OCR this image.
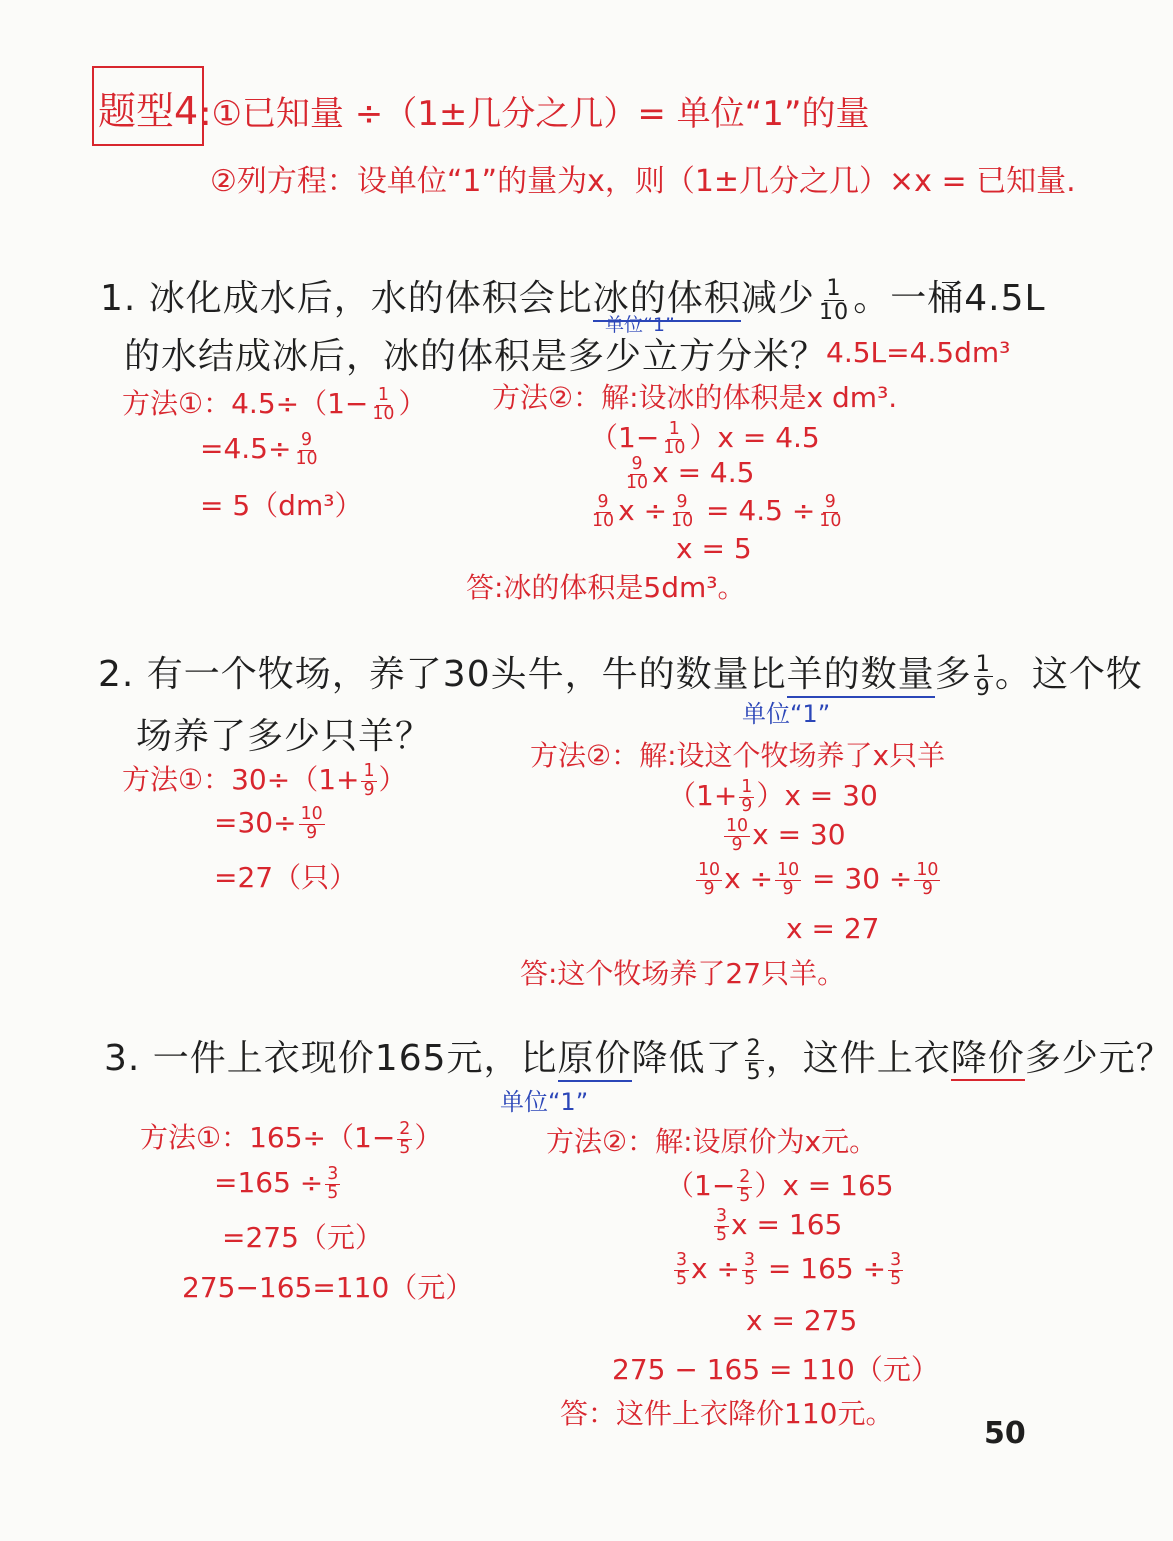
题型4 :①已知量 ÷（1±几分之几）= 单位“1”的量
②列方程：设单位“1”的量为x，则（1±几分之几）×x = 已知量.
1. 冰化成水后，水的体积会比冰的体积减少 $\frac{1}{10}$ 。一桶4.5L
单位“1”
的水结成冰后，冰的体积是多少立方分米？
4.5L=4.5dm³
方法①：$4.5\div(1- \frac{1}{10}$ ）
$=4.5\div \frac{9}{10}$
= 5（dm³）
方法②：解:设冰的体积是x dm³.
$(1- \frac{1}{10} )x = 4.5$
$\frac{9}{10}$ x = 4.5
$\frac{9}{10}$ $x \div \frac{9}{10} = 4.5 \div \frac{9}{10}$
x = 5
答:冰的体积是5dm³。
2. 有一个牧场，养了30头牛，牛的数量比羊的数量多 $\frac{1}{9}$ 。这个牧
单位“1”
场养了多少只羊？
方法①：$30\div(1+ \frac{1}{9}$ ）
$=30\div \frac{10}{9}$
=27（只）
方法②：解:设这个牧场养了x只羊
$(1+ \frac{1}{9} )x = 30$
$\frac{10}{9}$ x = 30
$\frac{10}{9}$ $x \div \frac{10}{9} = 30 \div \frac{10}{9}$
x = 27
答:这个牧场养了27只羊。
3. 一件上衣现价165元，比原价降低了 $\frac{2}{5}$ ，这件上衣降价多少元？
单位“1”
方法①：$165\div(1- \frac{2}{5}$ ）
$=165 \div \frac{3}{5}$
=275（元）
275−165=110（元）
方法②：解:设原价为x元。
$(1- \frac{2}{5} )x = 165$
$\frac{3}{5}$ x = 165
$\frac{3}{5}$ $x \div \frac{3}{5} = 165 \div \frac{3}{5}$
x = 275
275 − 165 = 110（元）
答：这件上衣降价110元。
50
